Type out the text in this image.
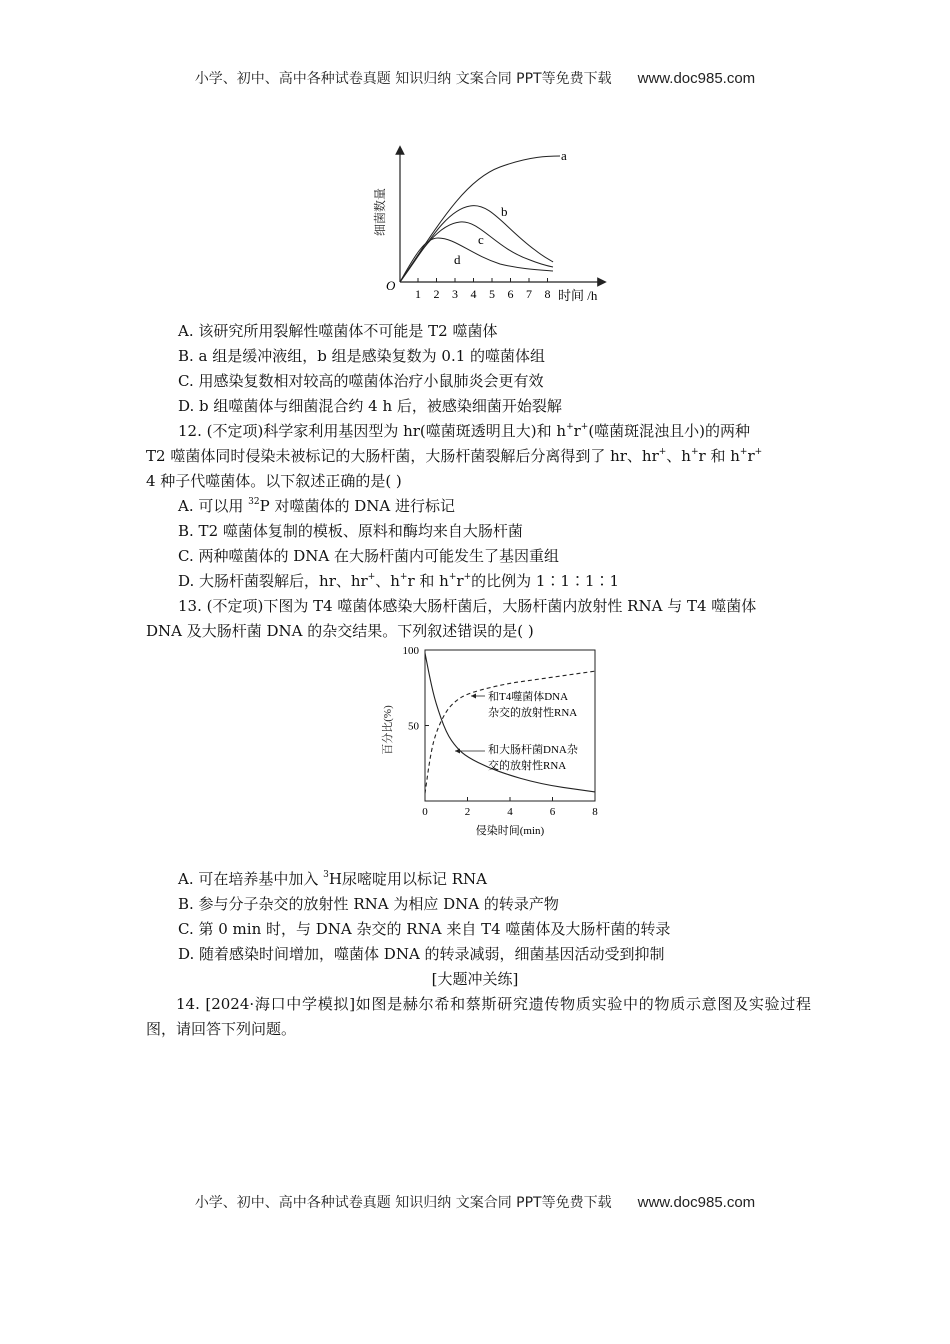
小学、初中、高中各种试卷真题 知识归纳 文案合同 PPT等免费下载 www.doc985.com
细菌数量
O
1 2 3 4 5 6 7 8 时间 /h
a
b
c
d
A. 该研究所用裂解性噬菌体不可能是 T2 噬菌体
B. a 组是缓冲液组，b 组是感染复数为 0.1 的噬菌体组
C. 用感染复数相对较高的噬菌体治疗小鼠肺炎会更有效
D. b 组噬菌体与细菌混合约 4 h 后，被感染细菌开始裂解
12. (不定项)科学家利用基因型为 hr(噬菌斑透明且大)和 h+r+(噬菌斑混浊且小)的两种
T2 噬菌体同时侵染未被标记的大肠杆菌，大肠杆菌裂解后分离得到了 hr、hr+、h+r 和 h+r+
4 种子代噬菌体。以下叙述正确的是( )
A. 可以用 $^{32}$P 对噬菌体的 DNA 进行标记
B. T2 噬菌体复制的模板、原料和酶均来自大肠杆菌
C. 两种噬菌体的 DNA 在大肠杆菌内可能发生了基因重组
D. 大肠杆菌裂解后，hr、hr+、h+r 和 h+r+的比例为 1∶1∶1∶1
13. (不定项)下图为 T4 噬菌体感染大肠杆菌后，大肠杆菌内放射性 RNA 与 T4 噬菌体
DNA 及大肠杆菌 DNA 的杂交结果。下列叙述错误的是( )
百分比(%)
100
50
0	2	4	6	8
侵染时间(min)
和T4噬菌体DNA
杂交的放射性RNA
和大肠杆菌DNA杂
交的放射性RNA
A. 可在培养基中加入 $^3$H尿嘧啶用以标记 RNA
B. 参与分子杂交的放射性 RNA 为相应 DNA 的转录产物
C. 第 0 min 时，与 DNA 杂交的 RNA 来自 T4 噬菌体及大肠杆菌的转录
D. 随着感染时间增加，噬菌体 DNA 的转录减弱，细菌基因活动受到抑制
[大题冲关练]
14. [2024·海口中学模拟]如图是赫尔希和蔡斯研究遗传物质实验中的物质示意图及实验过程图，请回答下列问题。
小学、初中、高中各种试卷真题 知识归纳 文案合同 PPT等免费下载 www.doc985.com
